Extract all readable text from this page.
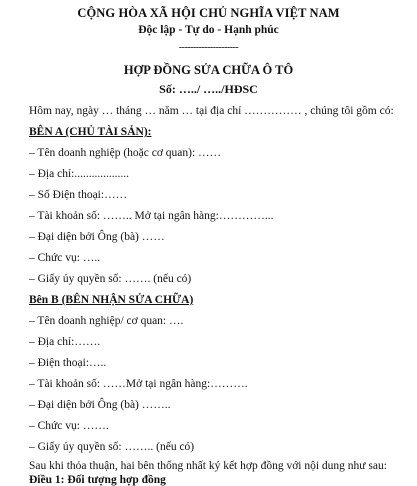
CỘNG HÒA XÃ HỘI CHỦ NGHĨA VIỆT NAM
Độc lập - Tự do - Hạnh phúc
---------------------
HỢP ĐỒNG SỬA CHỮA Ô TÔ
Số: …../ …../HĐSC
Hôm nay, ngày … tháng … năm … tại địa chỉ …………… , chúng tôi gồm có:
BÊN A (CHỦ TÀI SẢN):
– Tên doanh nghiệp (hoặc cơ quan): ……
– Địa chỉ:...................
– Số Điện thoại:……
– Tài khoản số: …….. Mở tại ngân hàng:…………...
– Đại diện bởi Ông (bà) ……
– Chức vụ: …..
– Giấy ủy quyền số: ……. (nếu có)
Bên B (BÊN NHẬN SỬA CHỮA)
– Tên doanh nghiệp/ cơ quan: ….
– Địa chỉ:…….
– Điện thoại:…..
– Tài khoản số: ……Mở tại ngân hàng:……….
– Đại diện bởi Ông (bà) ……..
– Chức vụ: …….
– Giấy ủy quyền số: …….. (nếu có)
Sau khi thỏa thuận, hai bên thống nhất ký kết hợp đồng với nội dung như sau:
Điều 1: Đối tượng hợp đồng
